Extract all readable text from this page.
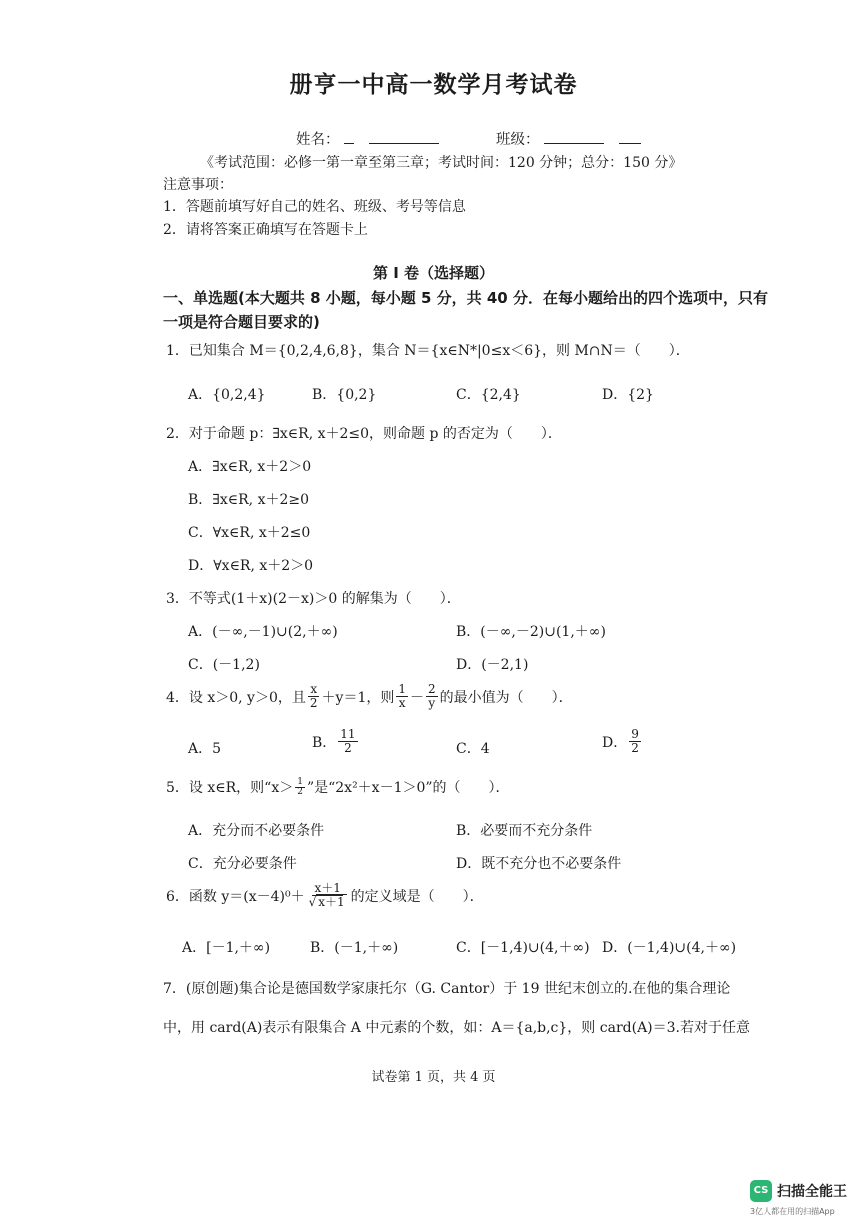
册亨一中高一数学月考试卷
姓名：	班级：
《考试范围：必修一第一章至第三章；考试时间：120 分钟；总分：150 分》
注意事项：
1．答题前填写好自己的姓名、班级、考号等信息
2．请将答案正确填写在答题卡上
第 I 卷（选择题）
一、单选题(本大题共 8 小题，每小题 5 分，共 40 分．在每小题给出的四个选项中，只有
一项是符合题目要求的)
1．已知集合 M＝{0,2,4,6,8}，集合 N＝{x∈N*|0≤x＜6}，则 M∩N＝（　　）．
A．{0,2,4}	B．{0,2}	C．{2,4}	D．{2}
2．对于命题 p：∃x∈R, x＋2≤0，则命题 p 的否定为（　　）．
A．∃x∈R, x＋2＞0
B．∃x∈R, x＋2≥0
C．∀x∈R, x＋2≤0
D．∀x∈R, x＋2＞0
3．不等式(1＋x)(2－x)＞0 的解集为（　　）．
A．(－∞,－1)∪(2,＋∞)	B．(－∞,－2)∪(1,＋∞)
C．(－1,2)	D．(－2,1)
4．设 x＞0, y＞0，且 $\frac{x}{2} +y=1$，则 $\frac{1}{x} - \frac{2}{y}$ 的最小值为（　　）．
A．5	B． $\frac{11}{2}$	C．4	D． $\frac{9}{2}$
5．设 x∈R，则“$x> \frac{1}{2}$ ”是“2x²＋x－1＞0”的（　　）．
A．充分而不必要条件	B．必要而不充分条件
C．充分必要条件	D．既不充分也不必要条件
6．函数 $y=(x-4)^0+ \frac{x+1}{√ x+1}$ 的定义域是（　　）．
A．[－1,＋∞)	B．(－1,＋∞)	C．[－1,4)∪(4,＋∞) D．(－1,4)∪(4,＋∞)
7．(原创题)集合论是德国数学家康托尔（G. Cantor）于 19 世纪末创立的.在他的集合理论
中，用 card(A)表示有限集合 A 中元素的个数，如：A＝{a,b,c}，则 card(A)＝3.若对于任意
试卷第 1 页，共 4 页
CS 扫描全能王
3亿人都在用的扫描App
